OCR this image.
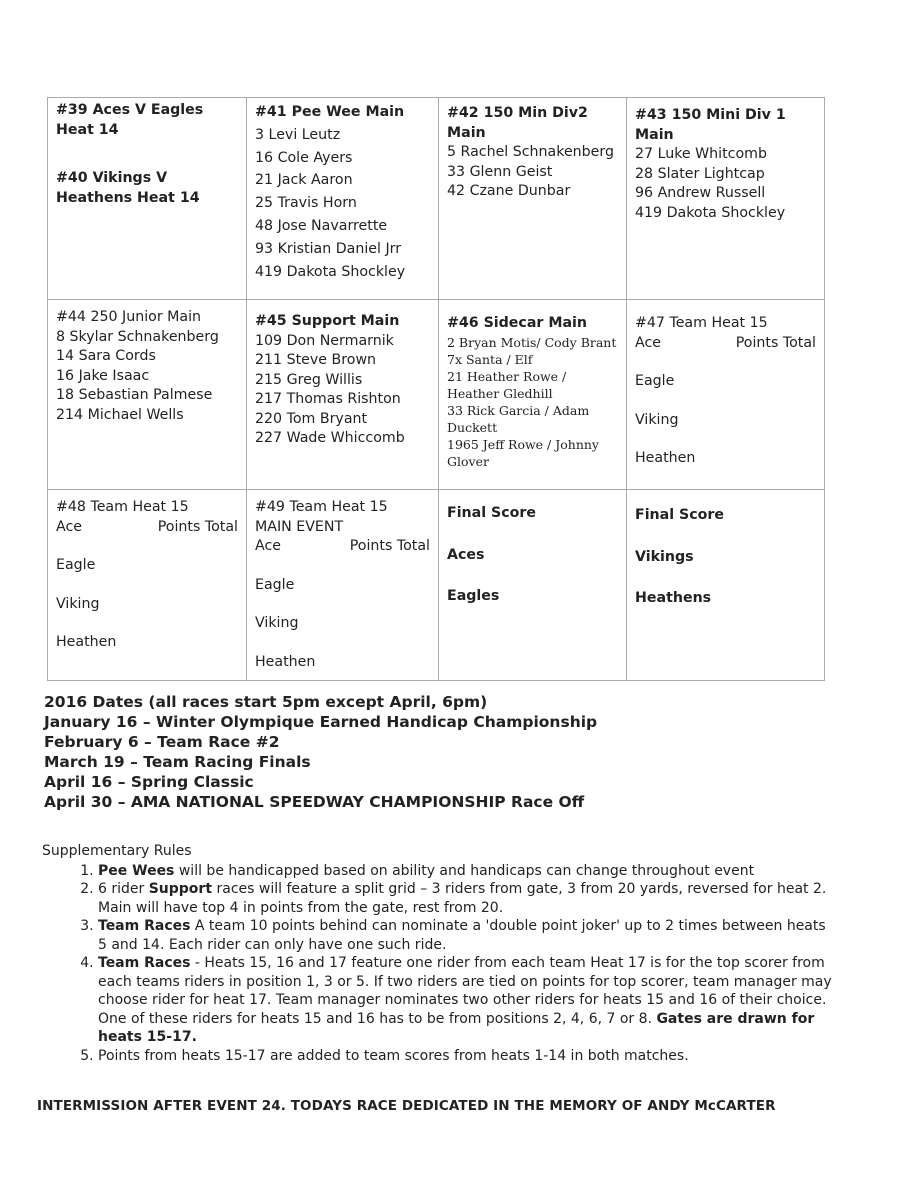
#39 Aces V Eagles
Heat 14
#40 Vikings V
Heathens Heat 14
#41 Pee Wee Main
3 Levi Leutz
16 Cole Ayers
21 Jack Aaron
25 Travis Horn
48 Jose Navarrette
93 Kristian Daniel Jrr
419 Dakota Shockley
#42 150 Min Div2
Main
5 Rachel Schnakenberg
33 Glenn Geist
42 Czane Dunbar
#43 150 Mini Div 1
Main
27 Luke Whitcomb
28 Slater Lightcap
96 Andrew Russell
419 Dakota Shockley
#44 250 Junior Main
8 Skylar Schnakenberg
14 Sara Cords
16 Jake Isaac
18 Sebastian Palmese
214 Michael Wells
#45 Support Main
109 Don Nermarnik
211 Steve Brown
215 Greg Willis
217 Thomas Rishton
220 Tom Bryant
227 Wade Whiccomb
#46 Sidecar Main
2 Bryan Motis/ Cody Brant
7x Santa / Elf
21 Heather Rowe / Heather Gledhill
33 Rick Garcia / Adam Duckett
1965 Jeff Rowe / Johnny Glover
#47 Team Heat 15
Ace	Points Total
Eagle
Viking
Heathen
#48 Team Heat 15
Ace	Points Total
Eagle
Viking
Heathen
#49 Team Heat 15
MAIN EVENT
Ace	Points Total
Eagle
Viking
Heathen
Final Score
Aces
Eagles
Final Score
Vikings
Heathens
2016 Dates (all races start 5pm except April, 6pm)
January 16 – Winter Olympique Earned Handicap Championship
February 6 – Team Race #2
March 19 – Team Racing Finals
April 16 – Spring Classic
April 30 – AMA NATIONAL SPEEDWAY CHAMPIONSHIP Race Off
Supplementary Rules
1. Pee Wees will be handicapped based on ability and handicaps can change throughout event
2. 6 rider Support races will feature a split grid – 3 riders from gate, 3 from 20 yards, reversed for heat 2. Main will have top 4 in points from the gate, rest from 20.
3. Team Races A team 10 points behind can nominate a 'double point joker' up to 2 times between heats 5 and 14. Each rider can only have one such ride.
4. Team Races - Heats 15, 16 and 17 feature one rider from each team Heat 17 is for the top scorer from each teams riders in position 1, 3 or 5. If two riders are tied on points for top scorer, team manager may choose rider for heat 17. Team manager nominates two other riders for heats 15 and 16 of their choice. One of these riders for heats 15 and 16 has to be from positions 2, 4, 6, 7 or 8. Gates are drawn for heats 15-17.
5. Points from heats 15-17 are added to team scores from heats 1-14 in both matches.
INTERMISSION AFTER EVENT 24. TODAYS RACE DEDICATED IN THE MEMORY OF ANDY McCARTER
